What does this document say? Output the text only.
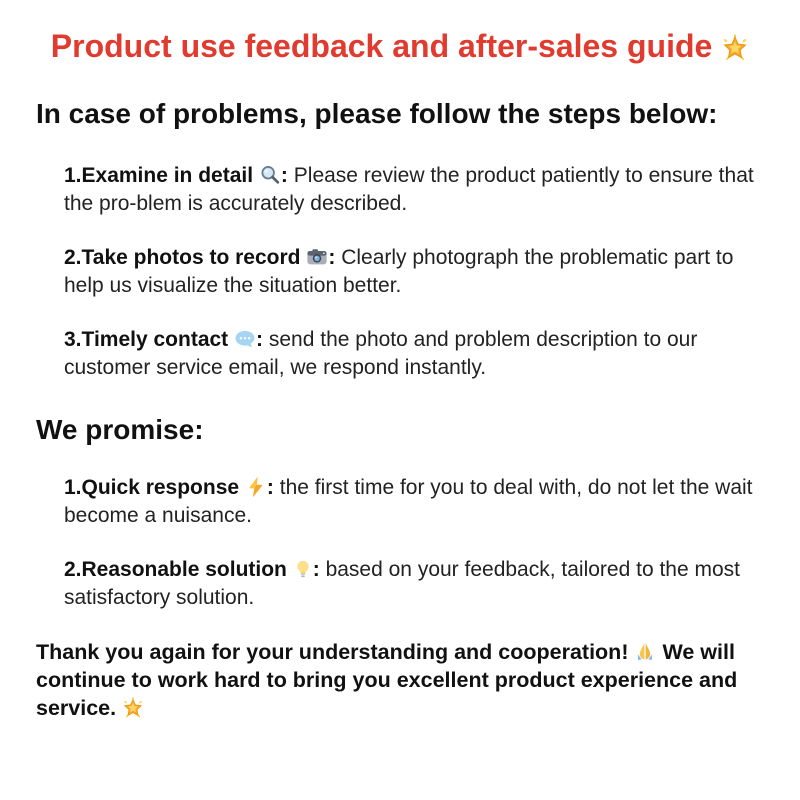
Product use feedback and after-sales guide
In case of problems, please follow the steps below:

1.Examine in detail : Please review the product patiently to ensure that the pro-blem is accurately described.

2.Take photos to record : Clearly photograph the problematic part to help us visualize the situation better.

3.Timely contact : send the photo and problem description to our customer service email, we respond instantly.

We promise:

1.Quick response : the first time for you to deal with, do not let the wait become a nuisance.

2.Reasonable solution : based on your feedback, tailored to the most satisfactory solution.

Thank you again for your understanding and cooperation! We will continue to work hard to bring you excellent product experience and service.
